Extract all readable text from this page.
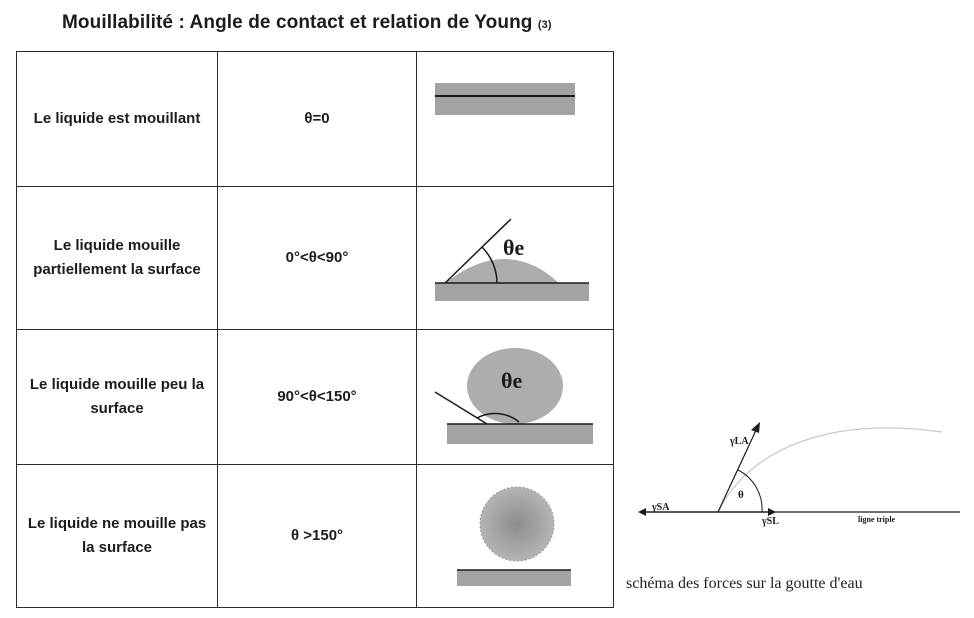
Mouillabilité : Angle de contact et relation de Young (3)
Le liquide est mouillant	θ=0

Le liquide mouille partiellement la surface	0°<θ<90°	θe

Le liquide mouille peu la surface	90°<θ<150°	θe

Le liquide ne mouille pas la surface	θ >150°

θ
γLA
γSA
γSL	ligne triple
schéma des forces sur la goutte d'eau
